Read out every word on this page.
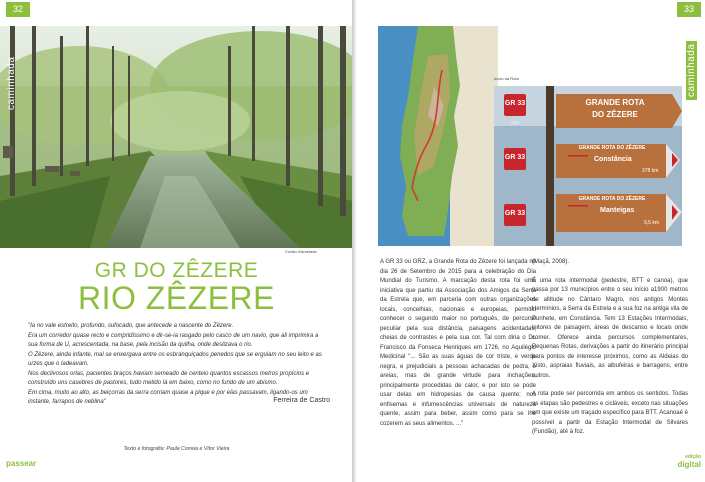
Covão d'Ametade
32
caminhada
GR DO ZÊZERE
RIO ZÊZERE
"Ia no vale estreito, profundo, sufocado, que antecede a nascente do Zêzere.
Era um corredor quase recto e compridíssimo e dir-se-ia rasgado pelo casco de um navio, que ali imprimira a sua forma de U, acrescentada, na base, pela incisão da quilha, onde deslizava o rio.
O Zêzere, ainda infante, mal se enxergava entre os esbranquiçados penedos que se erguiam no seu leito e as urzes que o ladeavam.
Nos declivosos orlas, pacientes braços haviam semeado de centeio quantos escassos metros propícios e construído uns casebres de pastores, tudo metido lá em baixo, como no fundo de um abismo.
Em cima, muito ao alto, as beiçorras da serra corriam quase a pique e por elas passavam, ligando-os um instante, farrapos de neblina"	Ferreira de Castro
Texto e fotografia: Paula Correia e Vítor Vieira
passear
33
caminhada
Início da Rota
GR 33
GR 33
GR 33
GRZ
GRANDE ROTA
DO ZÊZERE
GRANDE ROTA DO ZÊZERE
Constância
378 km
GRANDE ROTA DO ZÊZERE
Manteigas
9,5 km

A GR 33 ou GRZ, a Grande Rota do Zêzere foi lançada no dia 26 de Setembro de 2015 para a celebração do Dia Mundial do Turismo. A marcação desta rota foi uma iniciativa que partiu da Associação dos Amigos da Serra da Estrela que, em parceria com outras organizações locais, concelhias, nacionais e europeias, permitiu conhecer o segundo maior no português, de percurso peculiar pela sua distância, paisagens acidentadas, cheias de contrastes e pela sua cor. Tal com diria o Dr. Francisco da Fonseca Henriques em 1726, no Aquilégio Medicinal "... São as suas águas de cor triste, e verde negra, e prejudiciais a pessoas achacadas de pedra, e areias, mas de grande virtude para inchações, principalmente procedidas de calor, e por isto se pode usar delas em hidropesias de causa quente; nos enfisemas e infumescências universais de natureza quente, assim para beber, assim como para se lhe cozerem as seus alimentos. ..."

(Maçã, 2008).

É uma rota intermodal (pedestre, BTT e canoa), que passa por 13 municípios entre o seu início a1900 metros de altitude no Cântaro Magro, nos antigos Montes Hermínios, a Serra da Estrela e a sua foz na antiga vila de Punhete, em Constância. Tem 13 Estações Intermodais, leitores de paisagem, áreas de descanso e locais onde comer. Oferece ainda percursos complementares, Pequenas Rotas, derivações a partir do itinerário principal para pontos de interesse próximos, como as Aldeias do Xisto, aspraias fluviais, as albufeiras e barragens, entre outros.

A rota pode ser percorrida em ambos os sentidos. Todas as etapas são pedestres e cicláveis, exceto nas situações em que existe um traçado específico para BTT. Acanoaé é possível a partir da Estação Intermodal de Silvares (Fundão), até à foz.

edição
digital
